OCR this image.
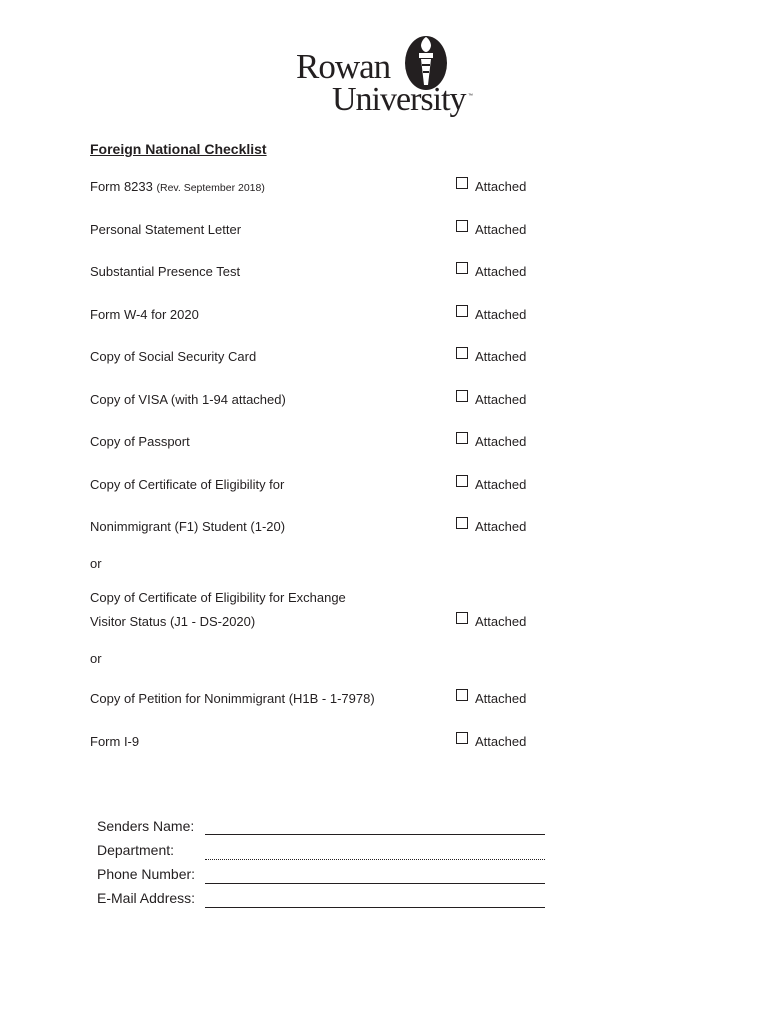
Rowan
University ™
Foreign National Checklist
Form 8233 (Rev. September 2018)	Attached
Personal Statement Letter	Attached
Substantial Presence Test	Attached
Form W-4 for 2020	Attached
Copy of Social Security Card	Attached
Copy of VISA (with 1-94 attached)	Attached
Copy of Passport	Attached
Copy of Certificate of Eligibility for	Attached
Nonimmigrant (F1) Student (1-20)	Attached
or
Copy of Certificate of Eligibility for Exchange
Visitor Status (J1 - DS-2020)	Attached
or
Copy of Petition for Nonimmigrant (H1B - 1-7978)	Attached
Form I-9	Attached
Senders Name:
Department:
Phone Number:
E-Mail Address:
